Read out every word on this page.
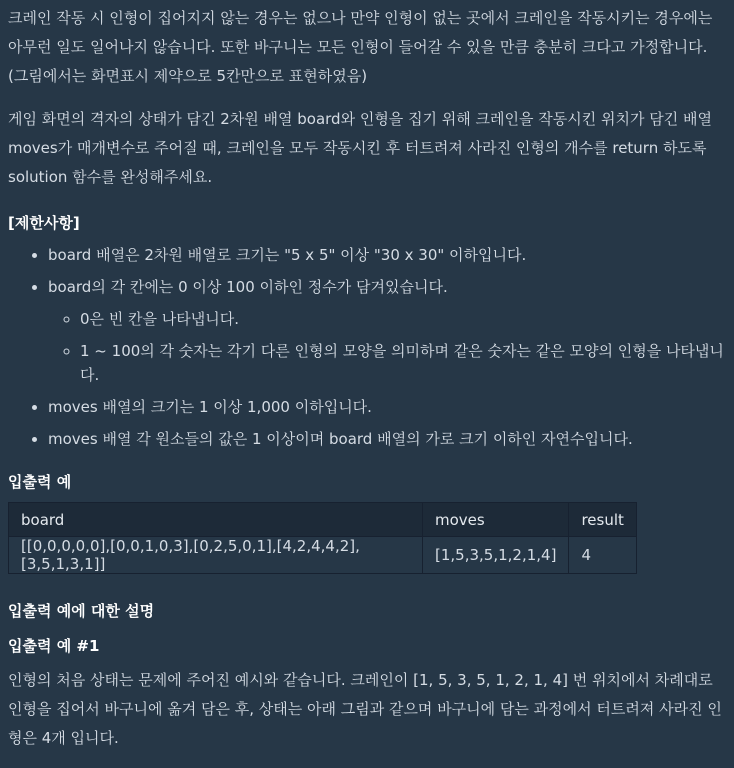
크레인 작동 시 인형이 집어지지 않는 경우는 없으나 만약 인형이 없는 곳에서 크레인을 작동시키는 경우에는 아무런 일도 일어나지 않습니다. 또한 바구니는 모든 인형이 들어갈 수 있을 만큼 충분히 크다고 가정합니다. (그림에서는 화면표시 제약으로 5칸만으로 표현하였음)

게임 화면의 격자의 상태가 담긴 2차원 배열 board와 인형을 집기 위해 크레인을 작동시킨 위치가 담긴 배열 moves가 매개변수로 주어질 때, 크레인을 모두 작동시킨 후 터트려져 사라진 인형의 개수를 return 하도록 solution 함수를 완성해주세요.

[제한사항]
• board 배열은 2차원 배열로 크기는 "5 x 5" 이상 "30 x 30" 이하입니다.
• board의 각 칸에는 0 이상 100 이하인 정수가 담겨있습니다.
◦ 0은 빈 칸을 나타냅니다.
◦ 1 ~ 100의 각 숫자는 각기 다른 인형의 모양을 의미하며 같은 숫자는 같은 모양의 인형을 나타냅니다.
• moves 배열의 크기는 1 이상 1,000 이하입니다.
• moves 배열 각 원소들의 값은 1 이상이며 board 배열의 가로 크기 이하인 자연수입니다.
입출력 예
board	moves	result
[[0,0,0,0,0],[0,0,1,0,3],[0,2,5,0,1],[4,2,4,4,2],[3,5,1,3,1]]	[1,5,3,5,1,2,1,4]	4
입출력 예에 대한 설명
입출력 예 #1

인형의 처음 상태는 문제에 주어진 예시와 같습니다. 크레인이 [1, 5, 3, 5, 1, 2, 1, 4] 번 위치에서 차례대로 인형을 집어서 바구니에 옮겨 담은 후, 상태는 아래 그림과 같으며 바구니에 담는 과정에서 터트려져 사라진 인형은 4개 입니다.
